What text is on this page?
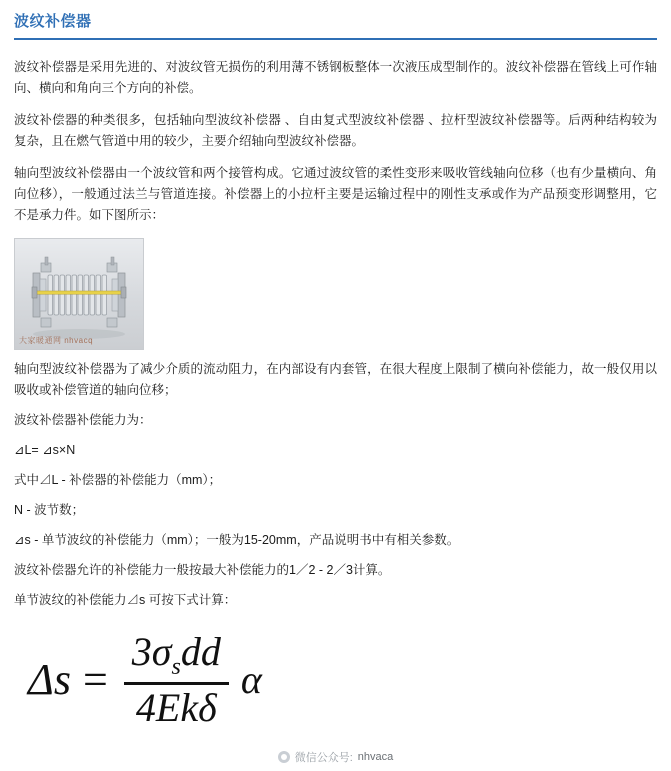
波纹补偿器

波纹补偿器是采用先进的、对波纹管无损伤的利用薄不锈钢板整体一次液压成型制作的。波纹补偿器在管线上可作轴向、横向和角向三个方向的补偿。

波纹补偿器的种类很多，包括轴向型波纹补偿器 、自由复式型波纹补偿器 、拉杆型波纹补偿器等。后两种结构较为复杂，且在燃气管道中用的较少，主要介绍轴向型波纹补偿器。

轴向型波纹补偿器由一个波纹管和两个接管构成。它通过波纹管的柔性变形来吸收管线轴向位移（也有少量横向、角向位移），一般通过法兰与管道连接。补偿器上的小拉杆主要是运输过程中的刚性支承或作为产品预变形调整用，它不是承力件。如下图所示：

大家暖通网 nhvacq

轴向型波纹补偿器为了减少介质的流动阻力，在内部设有内套管，在很大程度上限制了横向补偿能力，故一般仅用以吸收或补偿管道的轴向位移；

波纹补偿器补偿能力为：

⊿L= ⊿s×N

式中⊿L - 补偿器的补偿能力（mm）；

N - 波节数；

⊿s - 单节波纹的补偿能力（mm）；一般为15-20mm，产品说明书中有相关参数。

波纹补偿器允许的补偿能力一般按最大补偿能力的1／2 - 2／3计算。

单节波纹的补偿能力⊿s 可按下式计算：

$\Delta s = \frac{3\sigma_sdd}{\text{4Ekδ}}$ α
微信公众号: nhvaca
